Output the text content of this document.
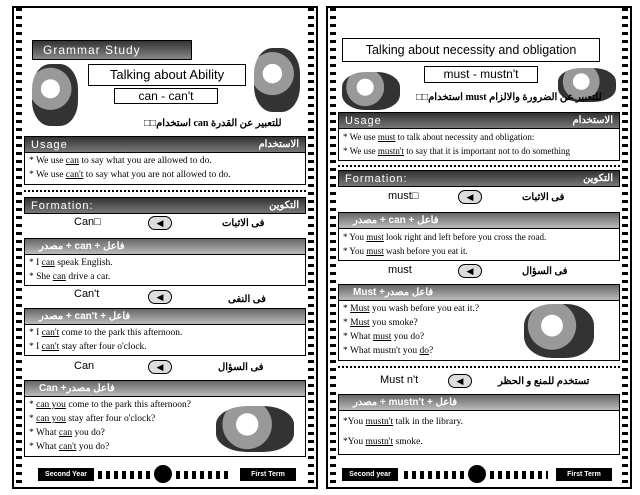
Grammar Study
Talking about Ability
can - can't
□□استخدام can للتعبير عن القدرة
Usage	الاستخدام
* We use can to say what you are allowed to do.
* We use can't to say what you are not allowed to do.
Formation:	التكوين
Can□	◀	فى الاثبات
مصدر + can + فاعل
* I can speak English.
* She can drive a car.
Can't	◀	فى النفى
مصدر + can't + فاعل
* I can't come to the park this afternoon.
* I can't stay after four o'clock.
Can	◀	فى السؤال
Can +فاعل مصدر
* can you come to the park this afternoon?
* can you stay after four o'clock?
* What can you do?
* What can't you do?
Second Year	First Term
Talking about necessity and obligation
must - mustn't
□□استخدام must للتعبير عن الضرورة والالزام
Usage	الاستخدام
* We use must to talk about necessity and obligation:
* We use mustn't to say that it is important not to do something
Formation:	التكوين
must□	◀	فى الاثبات
مصدر + can + فاعل
* You must look right and left before you cross the road.
* You must wash before you eat it.
must	◀	فى السؤال
Must +فاعل مصدر
* Must you wash before you eat it.?
* Must you smoke?
* What must you do?
* What mustn't you do?
Must n't	◀	تستخدم للمنع و الحظر
مصدر + mustn't + فاعل
*You mustn't talk in the library.
*You mustn't smoke.
Second year	First Term
